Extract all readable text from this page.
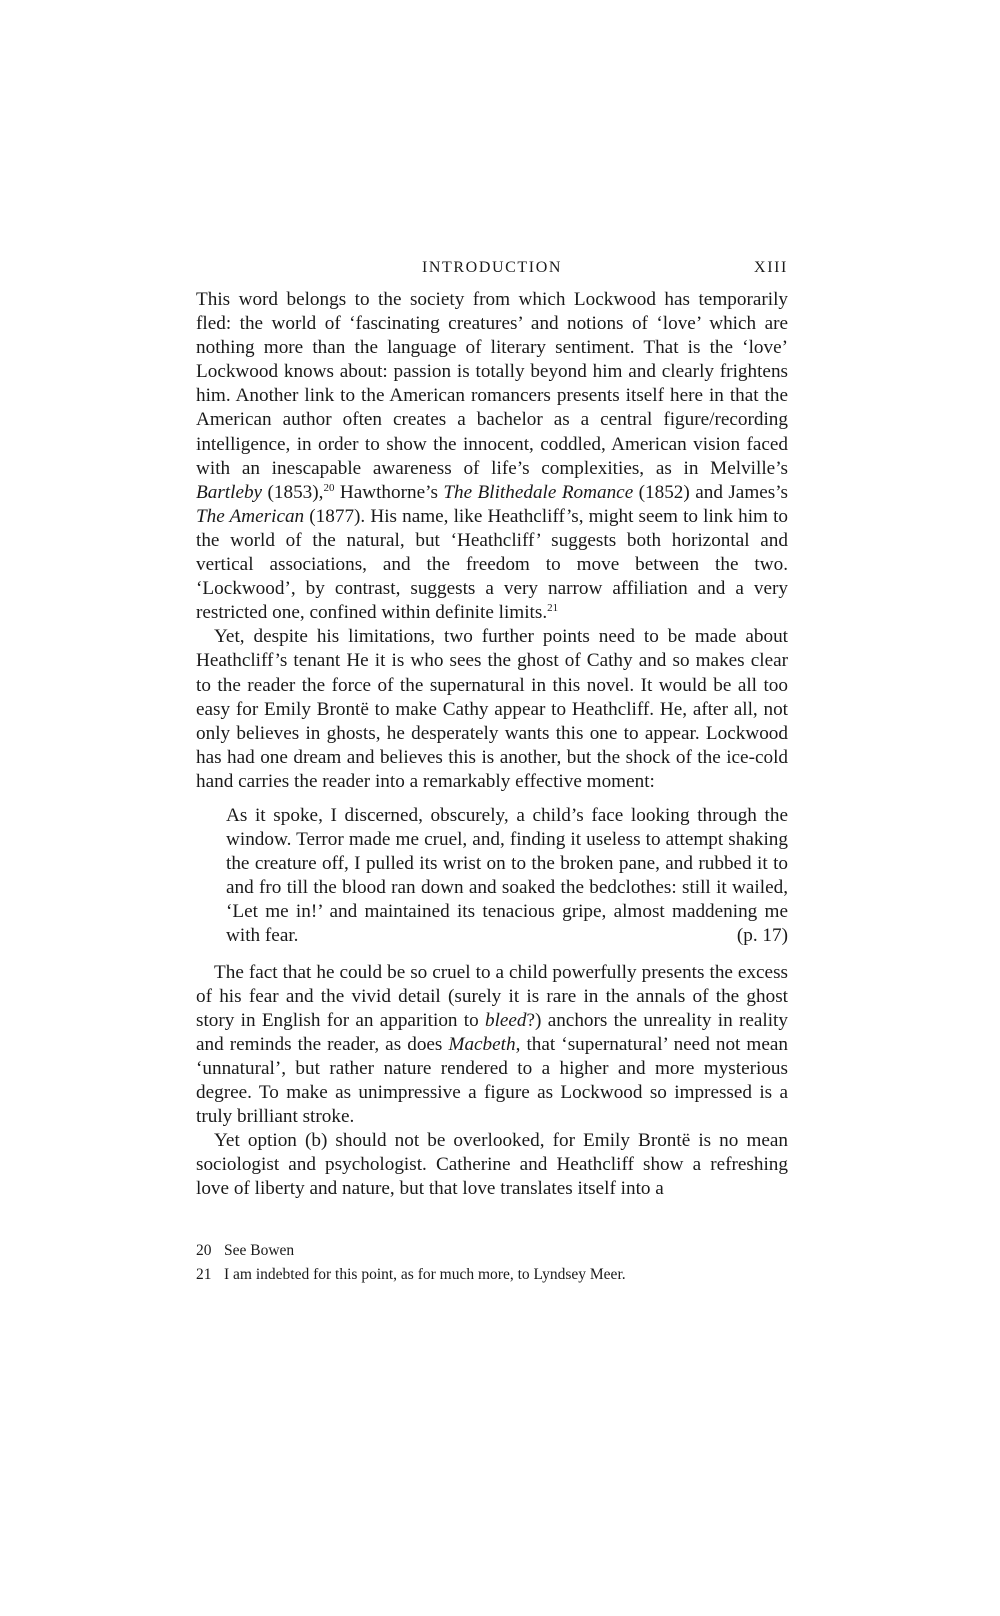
INTRODUCTION	XIII

This word belongs to the society from which Lockwood has temporarily fled: the world of ‘fascinating creatures’ and notions of ‘love’ which are nothing more than the language of literary sentiment. That is the ‘love’ Lockwood knows about: passion is totally beyond him and clearly frightens him. Another link to the American romancers presents itself here in that the American author often creates a bachelor as a central figure/recording intelligence, in order to show the innocent, coddled, American vision faced with an inescapable awareness of life’s complexities, as in Melville’s Bartleby (1853),$^{20}$ Hawthorne’s The Blithedale Romance (1852) and James’s The American (1877). His name, like Heathcliff’s, might seem to link him to the world of the natural, but ‘Heathcliff’ suggests both horizontal and vertical associations, and the freedom to move between the two. ‘Lockwood’, by contrast, suggests a very narrow affiliation and a very restricted one, confined within definite limits.$^{21}$

Yet, despite his limitations, two further points need to be made about Heathcliff’s tenant He it is who sees the ghost of Cathy and so makes clear to the reader the force of the supernatural in this novel. It would be all too easy for Emily Brontë to make Cathy appear to Heathcliff. He, after all, not only believes in ghosts, he desperately wants this one to appear. Lockwood has had one dream and believes this is another, but the shock of the ice-cold hand carries the reader into a remarkably effective moment:

As it spoke, I discerned, obscurely, a child’s face looking through the window. Terror made me cruel, and, finding it useless to attempt shaking the creature off, I pulled its wrist on to the broken pane, and rubbed it to and fro till the blood ran down and soaked the bedclothes: still it wailed, ‘Let me in!’ and maintained its tenacious gripe, almost maddening me with fear.	(p. 17)

The fact that he could be so cruel to a child powerfully presents the excess of his fear and the vivid detail (surely it is rare in the annals of the ghost story in English for an apparition to bleed?) anchors the unreality in reality and reminds the reader, as does Macbeth, that ‘supernatural’ need not mean ‘unnatural’, but rather nature rendered to a higher and more mysterious degree. To make as unimpressive a figure as Lockwood so impressed is a truly brilliant stroke.

Yet option (b) should not be overlooked, for Emily Brontë is no mean sociologist and psychologist. Catherine and Heathcliff show a refreshing love of liberty and nature, but that love translates itself into a

20 See Bowen
21 I am indebted for this point, as for much more, to Lyndsey Meer.
